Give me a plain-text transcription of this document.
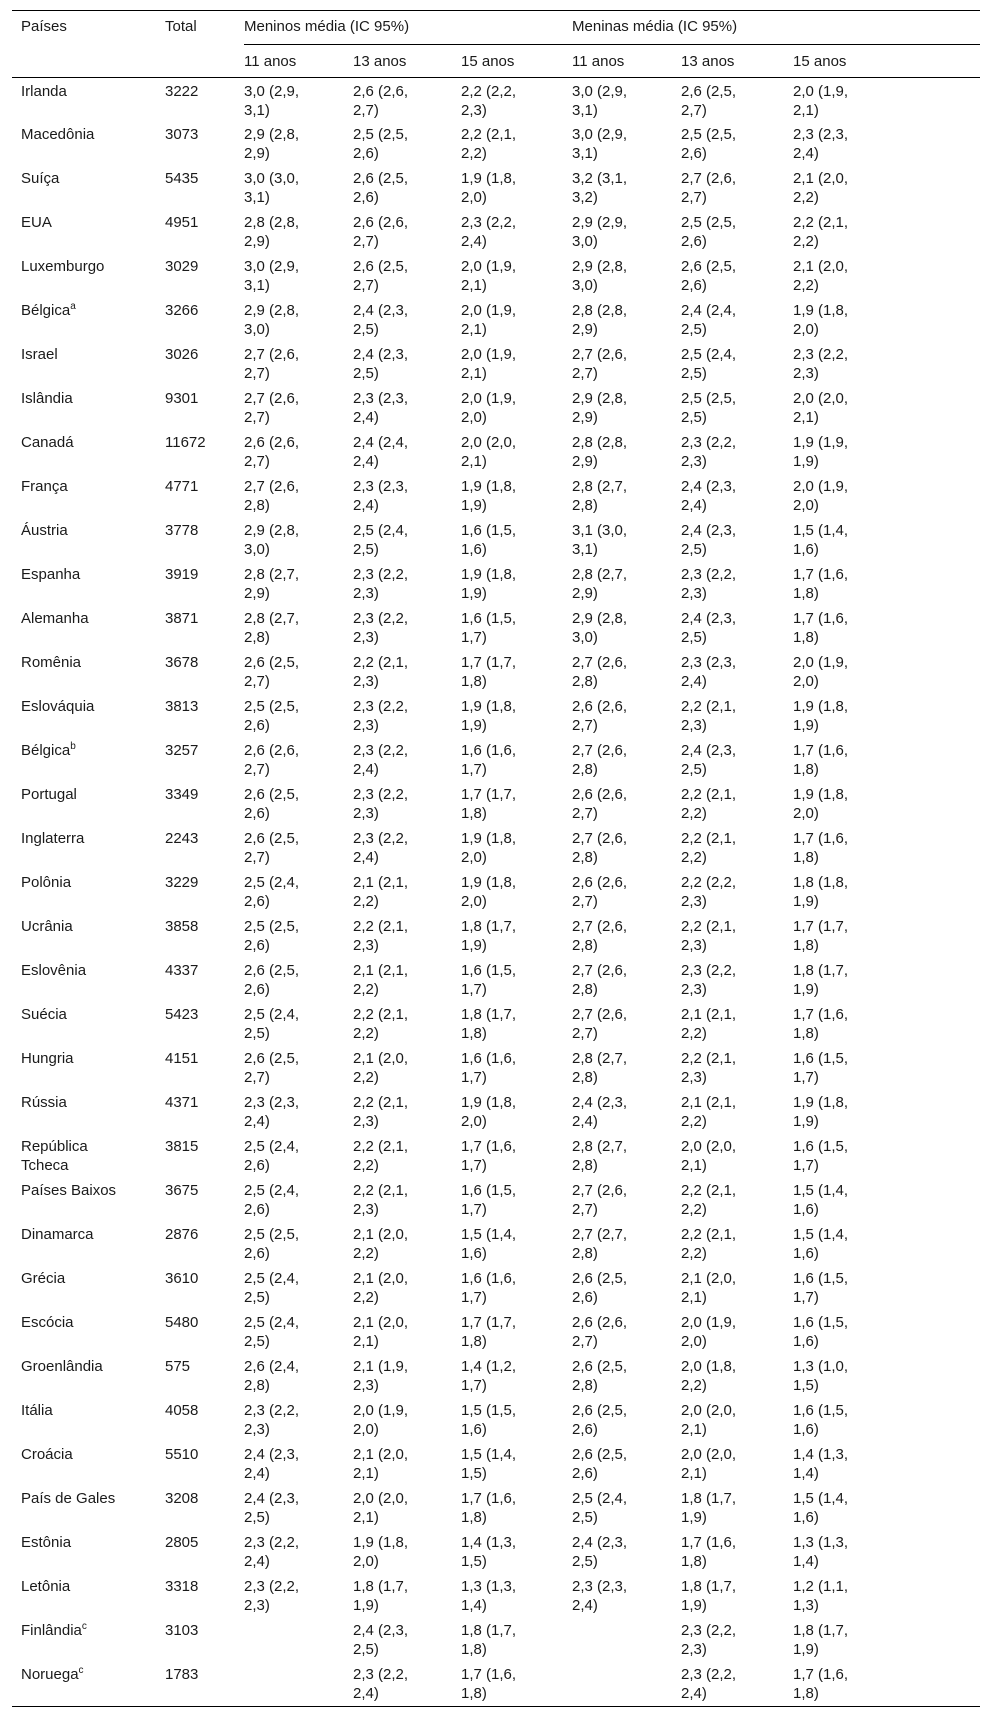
Países	Total	Meninos média (IC 95%)			Meninas média (IC 95%)		
		11 anos	13 anos	15 anos	11 anos	13 anos	15 anos
Irlanda	3222	3,0 (2,9, 3,1)	2,6 (2,6, 2,7)	2,2 (2,2, 2,3)	3,0 (2,9, 3,1)	2,6 (2,5, 2,7)	2,0 (1,9, 2,1)

Macedônia	3073	2,9 (2,8, 2,9)	2,5 (2,5, 2,6)	2,2 (2,1, 2,2)	3,0 (2,9, 3,1)	2,5 (2,5, 2,6)	2,3 (2,3, 2,4)

Suíça	5435	3,0 (3,0, 3,1)	2,6 (2,5, 2,6)	1,9 (1,8, 2,0)	3,2 (3,1, 3,2)	2,7 (2,6, 2,7)	2,1 (2,0, 2,2)

EUA	4951	2,8 (2,8, 2,9)	2,6 (2,6, 2,7)	2,3 (2,2, 2,4)	2,9 (2,9, 3,0)	2,5 (2,5, 2,6)	2,2 (2,1, 2,2)

Luxemburgo	3029	3,0 (2,9, 3,1)	2,6 (2,5, 2,7)	2,0 (1,9, 2,1)	2,9 (2,8, 3,0)	2,6 (2,5, 2,6)	2,1 (2,0, 2,2)

Bélgica$^a$	3266	2,9 (2,8, 3,0)	2,4 (2,3, 2,5)	2,0 (1,9, 2,1)	2,8 (2,8, 2,9)	2,4 (2,4, 2,5)	1,9 (1,8, 2,0)

Israel	3026	2,7 (2,6, 2,7)	2,4 (2,3, 2,5)	2,0 (1,9, 2,1)	2,7 (2,6, 2,7)	2,5 (2,4, 2,5)	2,3 (2,2, 2,3)

Islândia	9301	2,7 (2,6, 2,7)	2,3 (2,3, 2,4)	2,0 (1,9, 2,0)	2,9 (2,8, 2,9)	2,5 (2,5, 2,5)	2,0 (2,0, 2,1)

Canadá	11672	2,6 (2,6, 2,7)	2,4 (2,4, 2,4)	2,0 (2,0, 2,1)	2,8 (2,8, 2,9)	2,3 (2,2, 2,3)	1,9 (1,9, 1,9)

França	4771	2,7 (2,6, 2,8)	2,3 (2,3, 2,4)	1,9 (1,8, 1,9)	2,8 (2,7, 2,8)	2,4 (2,3, 2,4)	2,0 (1,9, 2,0)

Áustria	3778	2,9 (2,8, 3,0)	2,5 (2,4, 2,5)	1,6 (1,5, 1,6)	3,1 (3,0, 3,1)	2,4 (2,3, 2,5)	1,5 (1,4, 1,6)

Espanha	3919	2,8 (2,7, 2,9)	2,3 (2,2, 2,3)	1,9 (1,8, 1,9)	2,8 (2,7, 2,9)	2,3 (2,2, 2,3)	1,7 (1,6, 1,8)

Alemanha	3871	2,8 (2,7, 2,8)	2,3 (2,2, 2,3)	1,6 (1,5, 1,7)	2,9 (2,8, 3,0)	2,4 (2,3, 2,5)	1,7 (1,6, 1,8)

Romênia	3678	2,6 (2,5, 2,7)	2,2 (2,1, 2,3)	1,7 (1,7, 1,8)	2,7 (2,6, 2,8)	2,3 (2,3, 2,4)	2,0 (1,9, 2,0)

Eslováquia	3813	2,5 (2,5, 2,6)	2,3 (2,2, 2,3)	1,9 (1,8, 1,9)	2,6 (2,6, 2,7)	2,2 (2,1, 2,3)	1,9 (1,8, 1,9)

Bélgica$^b$	3257	2,6 (2,6, 2,7)	2,3 (2,2, 2,4)	1,6 (1,6, 1,7)	2,7 (2,6, 2,8)	2,4 (2,3, 2,5)	1,7 (1,6, 1,8)

Portugal	3349	2,6 (2,5, 2,6)	2,3 (2,2, 2,3)	1,7 (1,7, 1,8)	2,6 (2,6, 2,7)	2,2 (2,1, 2,2)	1,9 (1,8, 2,0)

Inglaterra	2243	2,6 (2,5, 2,7)	2,3 (2,2, 2,4)	1,9 (1,8, 2,0)	2,7 (2,6, 2,8)	2,2 (2,1, 2,2)	1,7 (1,6, 1,8)

Polônia	3229	2,5 (2,4, 2,6)	2,1 (2,1, 2,2)	1,9 (1,8, 2,0)	2,6 (2,6, 2,7)	2,2 (2,2, 2,3)	1,8 (1,8, 1,9)

Ucrânia	3858	2,5 (2,5, 2,6)	2,2 (2,1, 2,3)	1,8 (1,7, 1,9)	2,7 (2,6, 2,8)	2,2 (2,1, 2,3)	1,7 (1,7, 1,8)

Eslovênia	4337	2,6 (2,5, 2,6)	2,1 (2,1, 2,2)	1,6 (1,5, 1,7)	2,7 (2,6, 2,8)	2,3 (2,2, 2,3)	1,8 (1,7, 1,9)

Suécia	5423	2,5 (2,4, 2,5)	2,2 (2,1, 2,2)	1,8 (1,7, 1,8)	2,7 (2,6, 2,7)	2,1 (2,1, 2,2)	1,7 (1,6, 1,8)

Hungria	4151	2,6 (2,5, 2,7)	2,1 (2,0, 2,2)	1,6 (1,6, 1,7)	2,8 (2,7, 2,8)	2,2 (2,1, 2,3)	1,6 (1,5, 1,7)

Rússia	4371	2,3 (2,3, 2,4)	2,2 (2,1, 2,3)	1,9 (1,8, 2,0)	2,4 (2,3, 2,4)	2,1 (2,1, 2,2)	1,9 (1,8, 1,9)

República Tcheca	3815	2,5 (2,4, 2,6)	2,2 (2,1, 2,2)	1,7 (1,6, 1,7)	2,8 (2,7, 2,8)	2,0 (2,0, 2,1)	1,6 (1,5, 1,7)

Países Baixos	3675	2,5 (2,4, 2,6)	2,2 (2,1, 2,3)	1,6 (1,5, 1,7)	2,7 (2,6, 2,7)	2,2 (2,1, 2,2)	1,5 (1,4, 1,6)

Dinamarca	2876	2,5 (2,5, 2,6)	2,1 (2,0, 2,2)	1,5 (1,4, 1,6)	2,7 (2,7, 2,8)	2,2 (2,1, 2,2)	1,5 (1,4, 1,6)

Grécia	3610	2,5 (2,4, 2,5)	2,1 (2,0, 2,2)	1,6 (1,6, 1,7)	2,6 (2,5, 2,6)	2,1 (2,0, 2,1)	1,6 (1,5, 1,7)

Escócia	5480	2,5 (2,4, 2,5)	2,1 (2,0, 2,1)	1,7 (1,7, 1,8)	2,6 (2,6, 2,7)	2,0 (1,9, 2,0)	1,6 (1,5, 1,6)

Groenlândia	575	2,6 (2,4, 2,8)	2,1 (1,9, 2,3)	1,4 (1,2, 1,7)	2,6 (2,5, 2,8)	2,0 (1,8, 2,2)	1,3 (1,0, 1,5)

Itália	4058	2,3 (2,2, 2,3)	2,0 (1,9, 2,0)	1,5 (1,5, 1,6)	2,6 (2,5, 2,6)	2,0 (2,0, 2,1)	1,6 (1,5, 1,6)

Croácia	5510	2,4 (2,3, 2,4)	2,1 (2,0, 2,1)	1,5 (1,4, 1,5)	2,6 (2,5, 2,6)	2,0 (2,0, 2,1)	1,4 (1,3, 1,4)

País de Gales	3208	2,4 (2,3, 2,5)	2,0 (2,0, 2,1)	1,7 (1,6, 1,8)	2,5 (2,4, 2,5)	1,8 (1,7, 1,9)	1,5 (1,4, 1,6)

Estônia	2805	2,3 (2,2, 2,4)	1,9 (1,8, 2,0)	1,4 (1,3, 1,5)	2,4 (2,3, 2,5)	1,7 (1,6, 1,8)	1,3 (1,3, 1,4)

Letônia	3318	2,3 (2,2, 2,3)	1,8 (1,7, 1,9)	1,3 (1,3, 1,4)	2,3 (2,3, 2,4)	1,8 (1,7, 1,9)	1,2 (1,1, 1,3)

Finlândia$^c$	3103		2,4 (2,3, 2,5)	1,8 (1,7, 1,8)		2,3 (2,2, 2,3)	1,8 (1,7, 1,9)

Noruega$^c$	1783		2,3 (2,2, 2,4)	1,7 (1,6, 1,8)		2,3 (2,2, 2,4)	1,7 (1,6, 1,8)
